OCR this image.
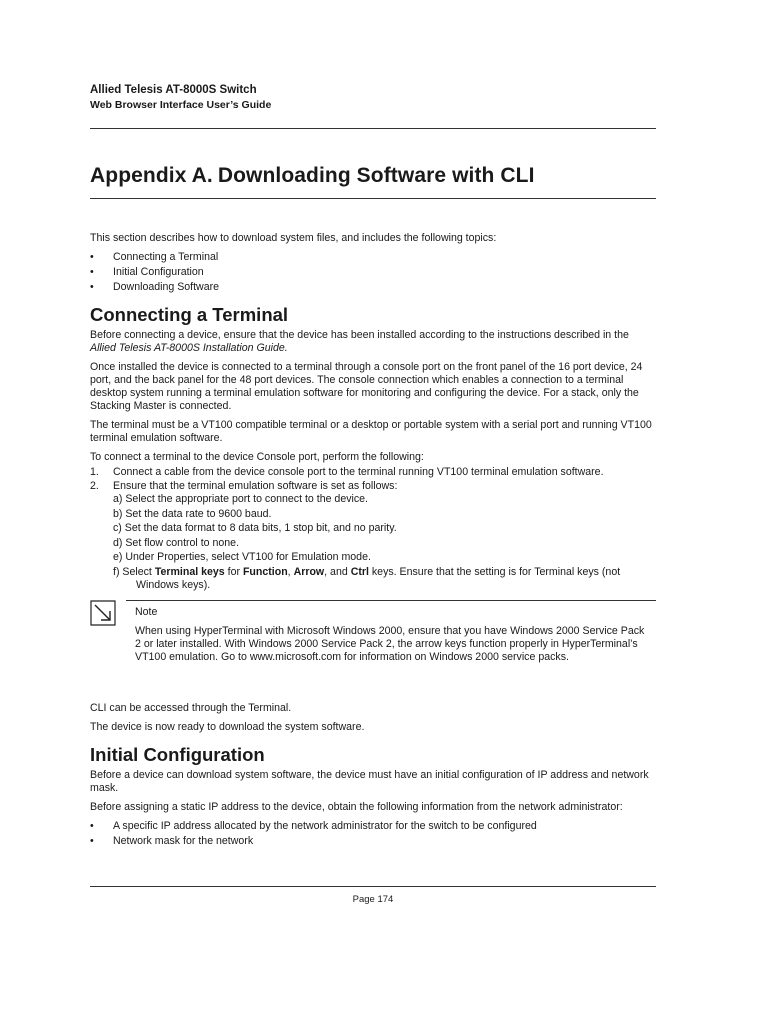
Allied Telesis AT-8000S Switch
Web Browser Interface User’s Guide
Appendix A. Downloading Software with CLI

This section describes how to download system files, and includes the following topics:

• Connecting a Terminal
• Initial Configuration
• Downloading Software
Connecting a Terminal

Before connecting a device, ensure that the device has been installed according to the instructions described in the Allied Telesis AT-8000S Installation Guide.

Once installed the device is connected to a terminal through a console port on the front panel of the 16 port device, 24 port, and the back panel for the 48 port devices. The console connection which enables a connection to a terminal desktop system running a terminal emulation software for monitoring and configuring the device. For a stack, only the Stacking Master is connected.

The terminal must be a VT100 compatible terminal or a desktop or portable system with a serial port and running VT100 terminal emulation software.

To connect a terminal to the device Console port, perform the following:

1. Connect a cable from the device console port to the terminal running VT100 terminal emulation software.
2. Ensure that the terminal emulation software is set as follows:
a) Select the appropriate port to connect to the device.
b) Set the data rate to 9600 baud.
c) Set the data format to 8 data bits, 1 stop bit, and no parity.
d) Set flow control to none.
e) Under Properties, select VT100 for Emulation mode.
f) Select Terminal keys for Function, Arrow, and Ctrl keys. Ensure that the setting is for Terminal keys (not Windows keys).
Note
When using HyperTerminal with Microsoft Windows 2000, ensure that you have Windows 2000 Service Pack 2 or later installed. With Windows 2000 Service Pack 2, the arrow keys function properly in HyperTerminal’s VT100 emulation. Go to www.microsoft.com for information on Windows 2000 service packs.

CLI can be accessed through the Terminal.

The device is now ready to download the system software.

Initial Configuration

Before a device can download system software, the device must have an initial configuration of IP address and network mask.

Before assigning a static IP address to the device, obtain the following information from the network administrator:

• A specific IP address allocated by the network administrator for the switch to be configured
• Network mask for the network
Page 174
